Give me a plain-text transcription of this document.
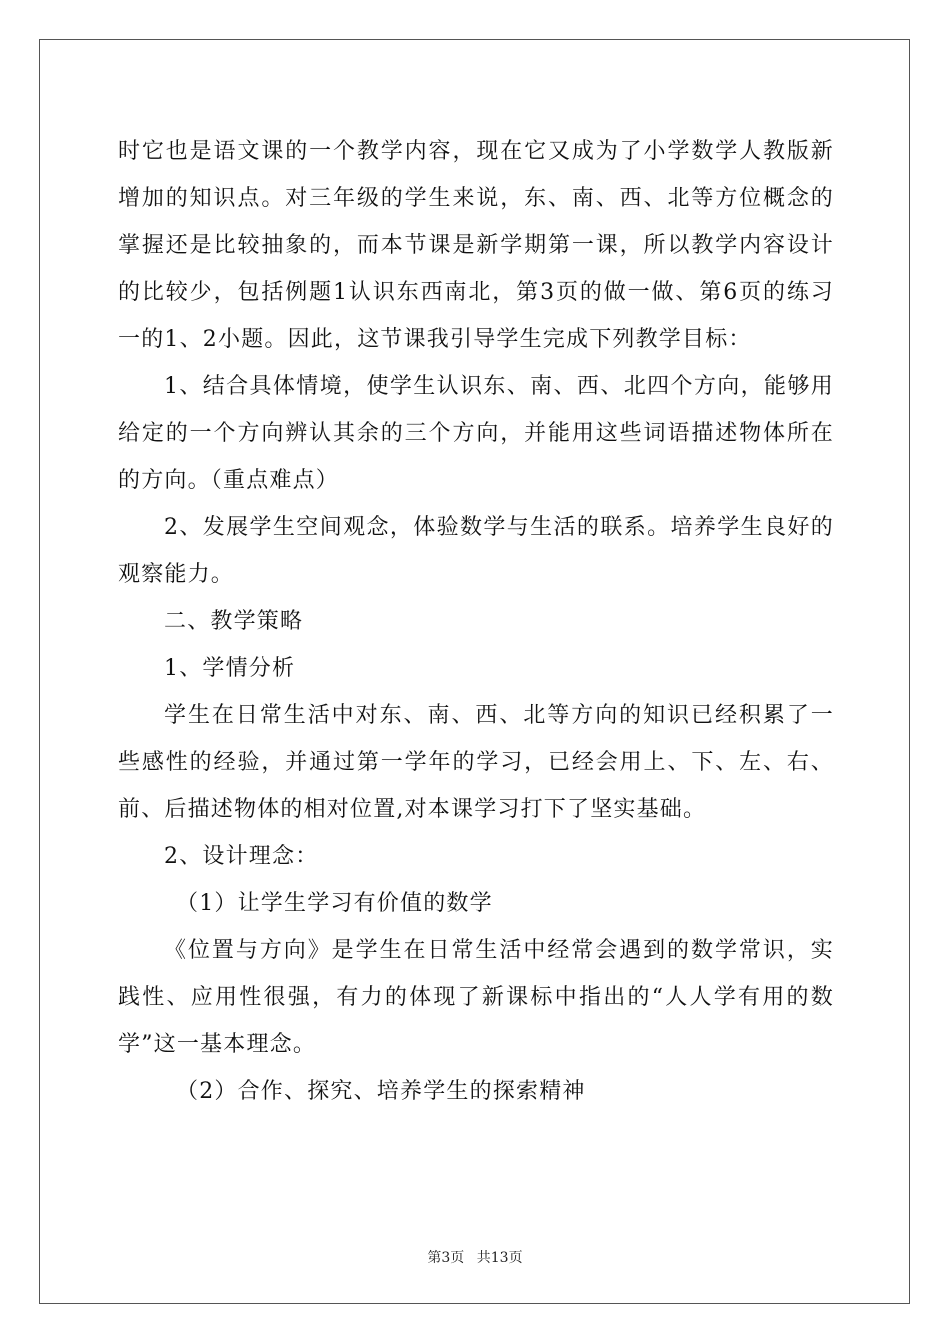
时它也是语文课的一个教学内容，现在它又成为了小学数学人教版新增加的知识点。对三年级的学生来说，东、南、西、北等方位概念的掌握还是比较抽象的，而本节课是新学期第一课，所以教学内容设计的比较少，包括例题1认识东西南北，第3页的做一做、第6页的练习一的1、2小题。因此，这节课我引导学生完成下列教学目标：

1、结合具体情境，使学生认识东、南、西、北四个方向，能够用给定的一个方向辨认其余的三个方向，并能用这些词语描述物体所在的方向。（重点难点）

2、发展学生空间观念，体验数学与生活的联系。培养学生良好的观察能力。

二、教学策略

1、学情分析

学生在日常生活中对东、南、西、北等方向的知识已经积累了一些感性的经验，并通过第一学年的学习，已经会用上、下、左、右、前、后描述物体的相对位置,对本课学习打下了坚实基础。

2、设计理念：

（1）让学生学习有价值的数学

《位置与方向》是学生在日常生活中经常会遇到的数学常识，实践性、应用性很强，有力的体现了新课标中指出的“人人学有用的数学”这一基本理念。

（2）合作、探究、培养学生的探索精神

第3页 共13页
